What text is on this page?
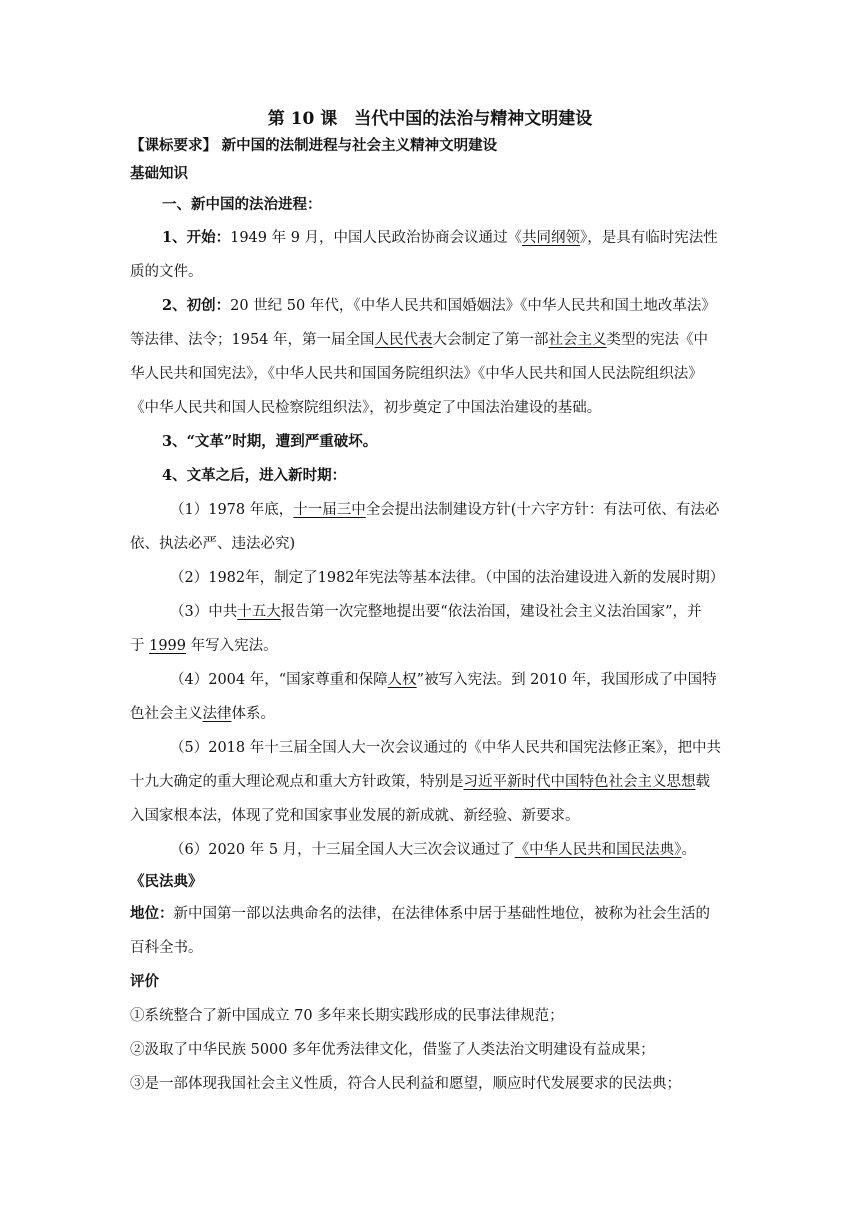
第 10 课　当代中国的法治与精神文明建设
【课标要求】 新中国的法制进程与社会主义精神文明建设
基础知识
一、新中国的法治进程：
1、开始：1949 年 9 月，中国人民政治协商会议通过《共同纲领》，是具有临时宪法性
质的文件。
2、初创：20 世纪 50 年代，《中华人民共和国婚姻法》《中华人民共和国土地改革法》
等法律、法令；1954 年，第一届全国人民代表大会制定了第一部社会主义类型的宪法《中
华人民共和国宪法》，《中华人民共和国国务院组织法》《中华人民共和国人民法院组织法》
《中华人民共和国人民检察院组织法》，初步奠定了中国法治建设的基础。
3、“文革”时期，遭到严重破坏。
4、文革之后，进入新时期：
（1）1978 年底，十一届三中全会提出法制建设方针(十六字方针：有法可依、有法必
依、执法必严、违法必究)
（2）1982年，制定了1982年宪法等基本法律。（中国的法治建设进入新的发展时期）
（3）中共十五大报告第一次完整地提出要“依法治国，建设社会主义法治国家”，并
于 1999 年写入宪法。
（4）2004 年，“国家尊重和保障人权”被写入宪法。到 2010 年，我国形成了中国特
色社会主义法律体系。
（5）2018 年十三届全国人大一次会议通过的《中华人民共和国宪法修正案》，把中共
十九大确定的重大理论观点和重大方针政策，特别是习近平新时代中国特色社会主义思想载
入国家根本法，体现了党和国家事业发展的新成就、新经验、新要求。
（6）2020 年 5 月，十三届全国人大三次会议通过了《中华人民共和国民法典》。
《民法典》
地位：新中国第一部以法典命名的法律，在法律体系中居于基础性地位，被称为社会生活的
百科全书。
评价
①系统整合了新中国成立 70 多年来长期实践形成的民事法律规范；
②汲取了中华民族 5000 多年优秀法律文化，借鉴了人类法治文明建设有益成果；
③是一部体现我国社会主义性质，符合人民利益和愿望，顺应时代发展要求的民法典；
